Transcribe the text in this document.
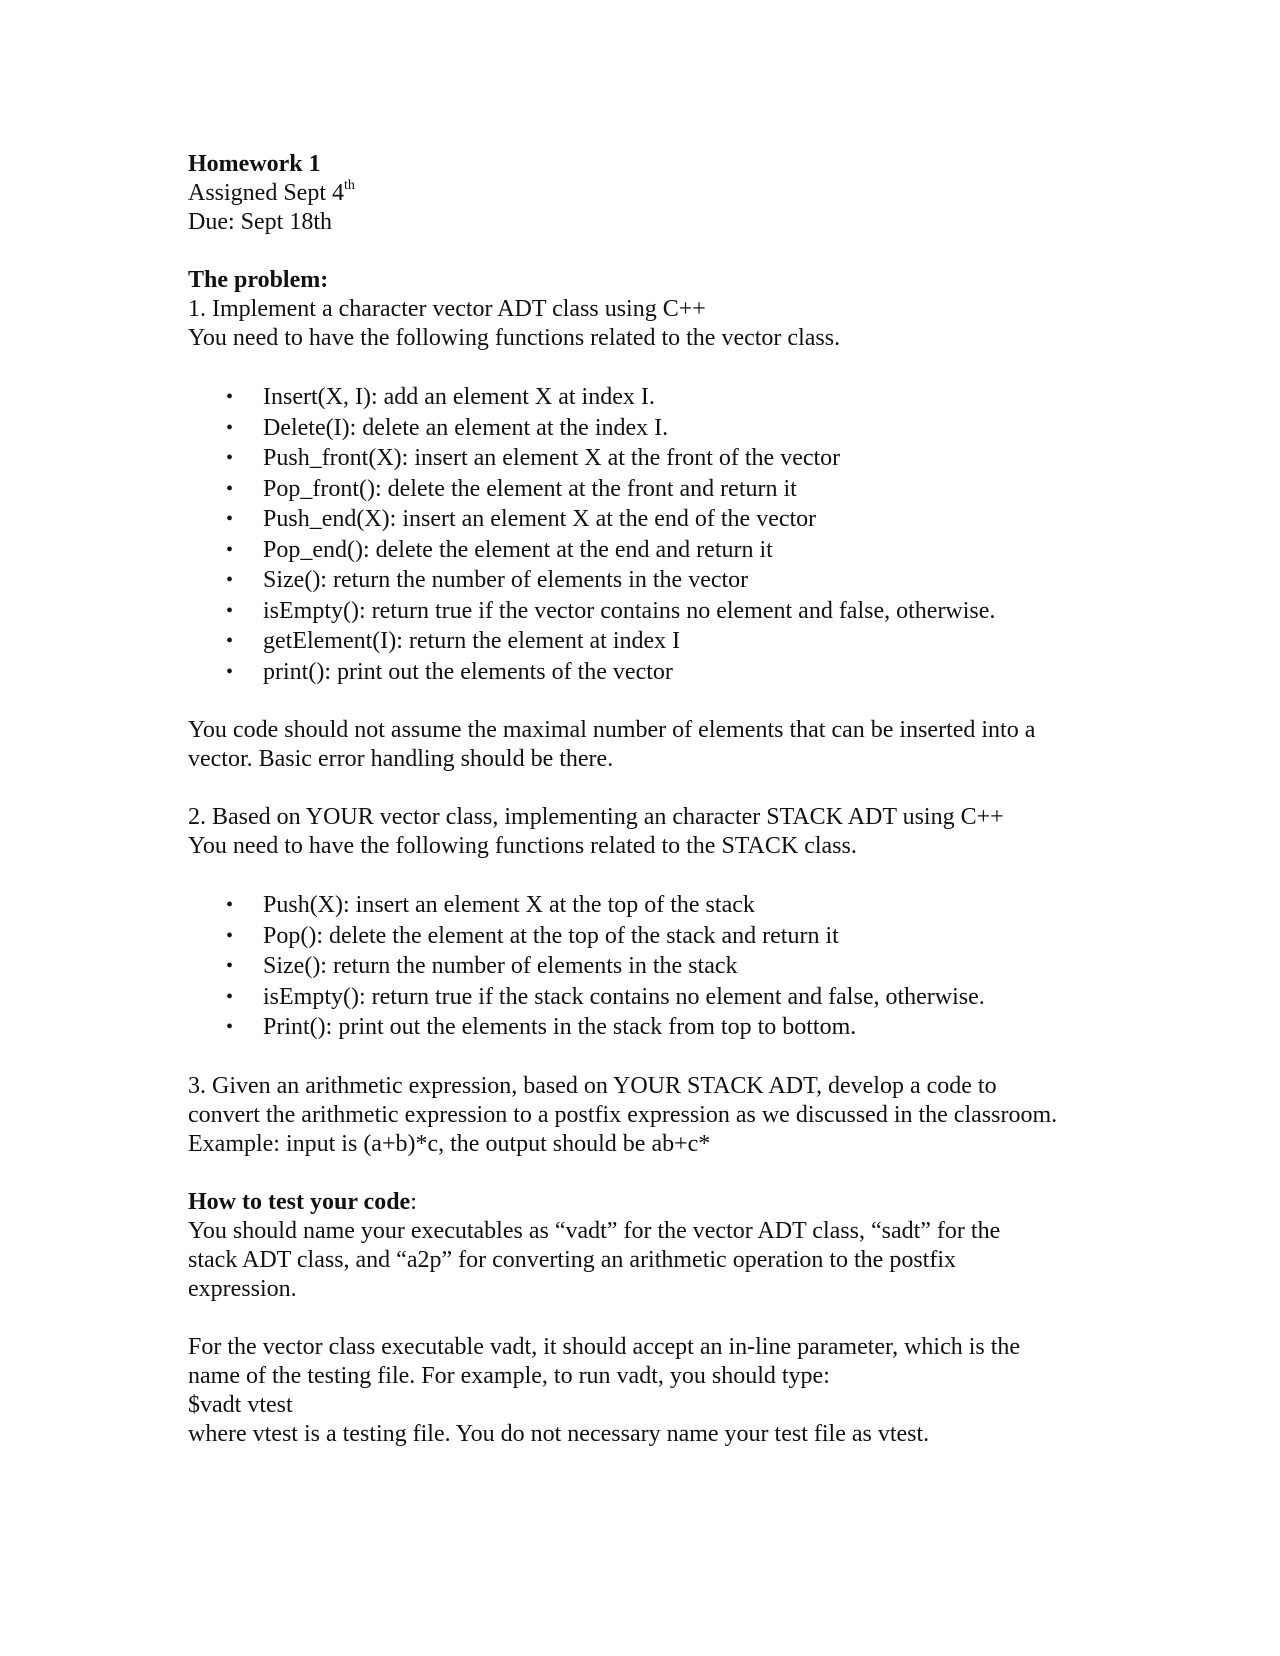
Homework 1
Assigned Sept 4th
Due: Sept 18th
The problem:
1. Implement a character vector ADT class using C++
You need to have the following functions related to the vector class.
• Insert(X, I): add an element X at index I.
• Delete(I): delete an element at the index I.
• Push_front(X): insert an element X at the front of the vector
• Pop_front(): delete the element at the front and return it
• Push_end(X): insert an element X at the end of the vector
• Pop_end(): delete the element at the end and return it
• Size(): return the number of elements in the vector
• isEmpty(): return true if the vector contains no element and false, otherwise.
• getElement(I): return the element at index I
• print(): print out the elements of the vector
You code should not assume the maximal number of elements that can be inserted into a
vector. Basic error handling should be there.
2. Based on YOUR vector class, implementing an character STACK ADT using C++
You need to have the following functions related to the STACK class.
• Push(X): insert an element X at the top of the stack
• Pop(): delete the element at the top of the stack and return it
• Size(): return the number of elements in the stack
• isEmpty(): return true if the stack contains no element and false, otherwise.
• Print(): print out the elements in the stack from top to bottom.
3. Given an arithmetic expression, based on YOUR STACK ADT, develop a code to
convert the arithmetic expression to a postfix expression as we discussed in the classroom.
Example: input is (a+b)*c, the output should be ab+c*
How to test your code:
You should name your executables as “vadt” for the vector ADT class, “sadt” for the
stack ADT class, and “a2p” for converting an arithmetic operation to the postfix
expression.
For the vector class executable vadt, it should accept an in-line parameter, which is the
name of the testing file. For example, to run vadt, you should type:
$vadt vtest
where vtest is a testing file. You do not necessary name your test file as vtest.
